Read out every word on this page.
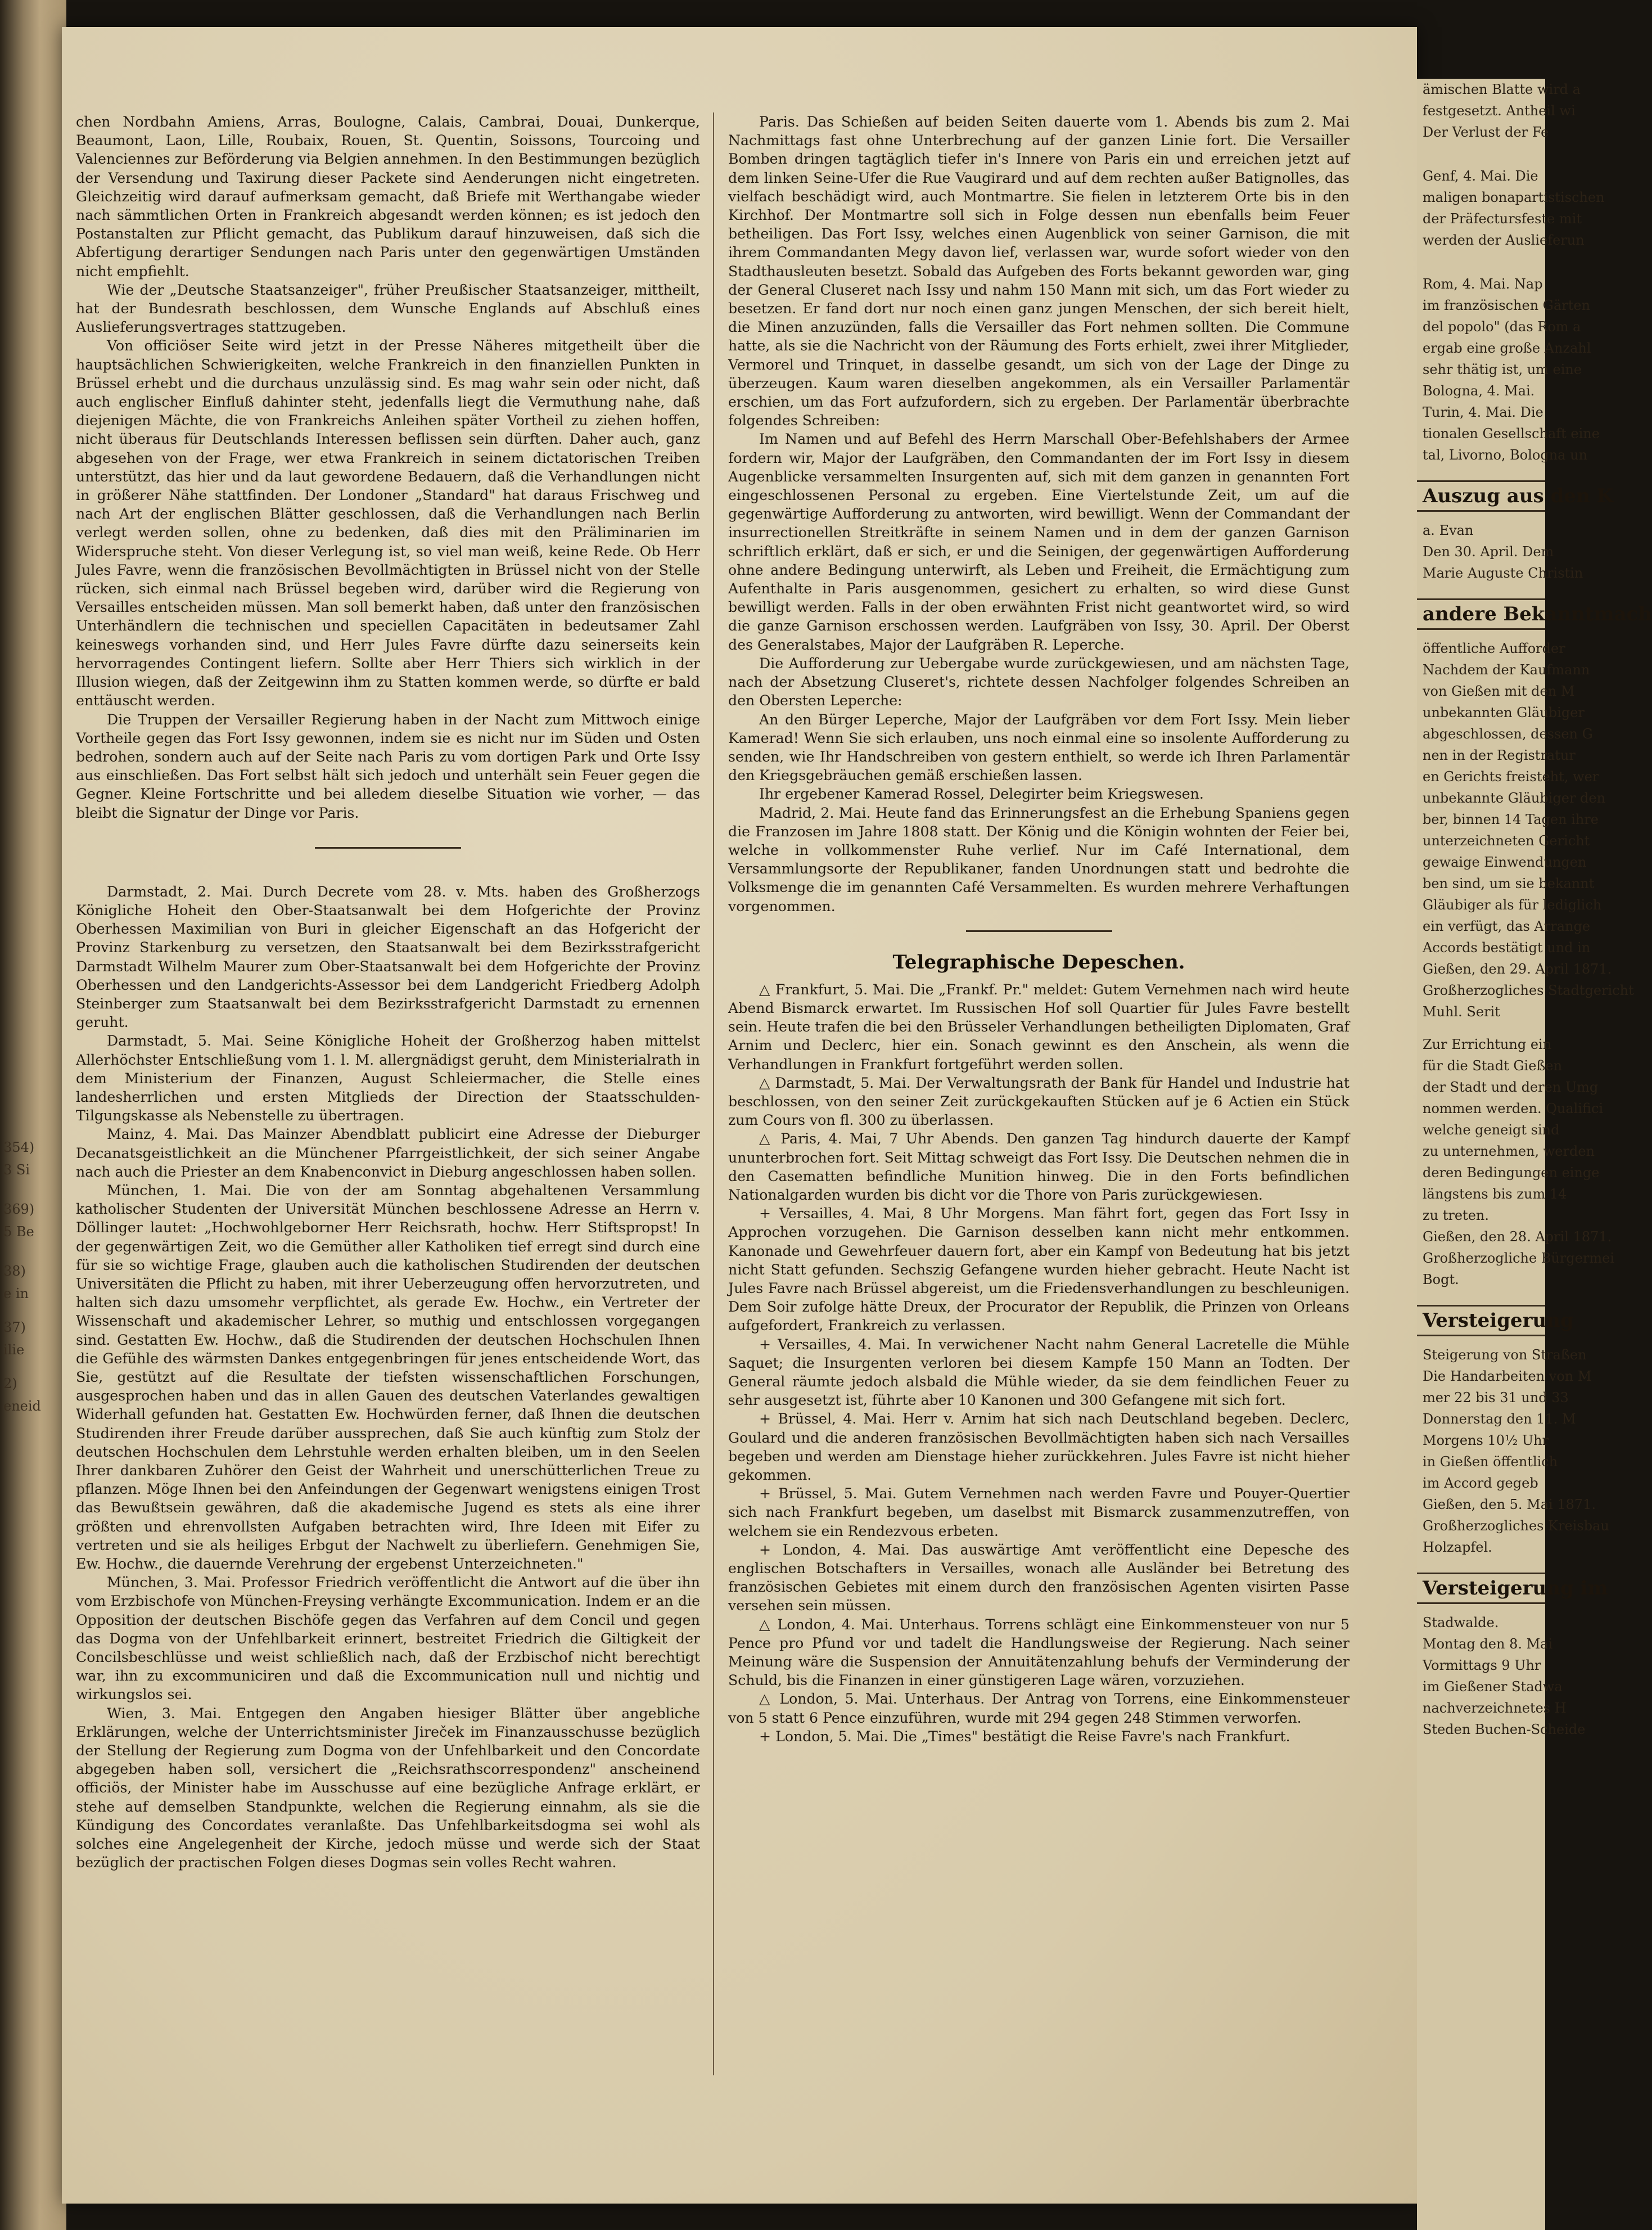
354)

3 Si

369)

5 Be

38)

e in

37)

ilie

2)

eneid

chen Nordbahn Amiens, Arras, Boulogne, Calais, Cambrai, Douai, Dunkerque, Beaumont, Laon, Lille, Roubaix, Rouen, St. Quentin, Soissons, Tourcoing und Valenciennes zur Beförderung via Belgien annehmen. In den Bestimmungen bezüglich der Versendung und Taxirung dieser Packete sind Aenderungen nicht eingetreten. Gleichzeitig wird darauf aufmerksam gemacht, daß Briefe mit Werthangabe wieder nach sämmtlichen Orten in Frankreich abgesandt werden können; es ist jedoch den Postanstalten zur Pflicht gemacht, das Publikum darauf hinzuweisen, daß sich die Abfertigung derartiger Sendungen nach Paris unter den gegenwärtigen Umständen nicht empfiehlt.

Wie der „Deutsche Staatsanzeiger", früher Preußischer Staatsanzeiger, mittheilt, hat der Bundesrath beschlossen, dem Wunsche Englands auf Abschluß eines Auslieferungsvertrages stattzugeben.

Von officiöser Seite wird jetzt in der Presse Näheres mitgetheilt über die hauptsächlichen Schwierigkeiten, welche Frankreich in den finanziellen Punkten in Brüssel erhebt und die durchaus unzulässig sind. Es mag wahr sein oder nicht, daß auch englischer Einfluß dahinter steht, jedenfalls liegt die Vermuthung nahe, daß diejenigen Mächte, die von Frankreichs Anleihen später Vortheil zu ziehen hoffen, nicht überaus für Deutschlands Interessen beflissen sein dürften. Daher auch, ganz abgesehen von der Frage, wer etwa Frankreich in seinem dictatorischen Treiben unterstützt, das hier und da laut gewordene Bedauern, daß die Verhandlungen nicht in größerer Nähe stattfinden. Der Londoner „Standard" hat daraus Frischweg und nach Art der englischen Blätter geschlossen, daß die Verhandlungen nach Berlin verlegt werden sollen, ohne zu bedenken, daß dies mit den Präliminarien im Widerspruche steht. Von dieser Verlegung ist, so viel man weiß, keine Rede. Ob Herr Jules Favre, wenn die französischen Bevollmächtigten in Brüssel nicht von der Stelle rücken, sich einmal nach Brüssel begeben wird, darüber wird die Regierung von Versailles entscheiden müssen. Man soll bemerkt haben, daß unter den französischen Unterhändlern die technischen und speciellen Capacitäten in bedeutsamer Zahl keineswegs vorhanden sind, und Herr Jules Favre dürfte dazu seinerseits kein hervorragendes Contingent liefern. Sollte aber Herr Thiers sich wirklich in der Illusion wiegen, daß der Zeitgewinn ihm zu Statten kommen werde, so dürfte er bald enttäuscht werden.

Die Truppen der Versailler Regierung haben in der Nacht zum Mittwoch einige Vortheile gegen das Fort Issy gewonnen, indem sie es nicht nur im Süden und Osten bedrohen, sondern auch auf der Seite nach Paris zu vom dortigen Park und Orte Issy aus einschließen. Das Fort selbst hält sich jedoch und unterhält sein Feuer gegen die Gegner. Kleine Fortschritte und bei alledem dieselbe Situation wie vorher, — das bleibt die Signatur der Dinge vor Paris.

Darmstadt, 2. Mai. Durch Decrete vom 28. v. Mts. haben des Großherzogs Königliche Hoheit den Ober-Staatsanwalt bei dem Hofgerichte der Provinz Oberhessen Maximilian von Buri in gleicher Eigenschaft an das Hofgericht der Provinz Starkenburg zu versetzen, den Staatsanwalt bei dem Bezirksstrafgericht Darmstadt Wilhelm Maurer zum Ober-Staatsanwalt bei dem Hofgerichte der Provinz Oberhessen und den Landgerichts-Assessor bei dem Landgericht Friedberg Adolph Steinberger zum Staatsanwalt bei dem Bezirksstrafgericht Darmstadt zu ernennen geruht.

Darmstadt, 5. Mai. Seine Königliche Hoheit der Großherzog haben mittelst Allerhöchster Entschließung vom 1. l. M. allergnädigst geruht, dem Ministerialrath in dem Ministerium der Finanzen, August Schleiermacher, die Stelle eines landesherrlichen und ersten Mitglieds der Direction der Staatsschulden-Tilgungskasse als Nebenstelle zu übertragen.

Mainz, 4. Mai. Das Mainzer Abendblatt publicirt eine Adresse der Dieburger Decanatsgeistlichkeit an die Münchener Pfarrgeistlichkeit, der sich seiner Angabe nach auch die Priester an dem Knabenconvict in Dieburg angeschlossen haben sollen.

München, 1. Mai. Die von der am Sonntag abgehaltenen Versammlung katholischer Studenten der Universität München beschlossene Adresse an Herrn v. Döllinger lautet: „Hochwohlgeborner Herr Reichsrath, hochw. Herr Stiftspropst! In der gegenwärtigen Zeit, wo die Gemüther aller Katholiken tief erregt sind durch eine für sie so wichtige Frage, glauben auch die katholischen Studirenden der deutschen Universitäten die Pflicht zu haben, mit ihrer Ueberzeugung offen hervorzutreten, und halten sich dazu umsomehr verpflichtet, als gerade Ew. Hochw., ein Vertreter der Wissenschaft und akademischer Lehrer, so muthig und entschlossen vorgegangen sind. Gestatten Ew. Hochw., daß die Studirenden der deutschen Hochschulen Ihnen die Gefühle des wärmsten Dankes entgegenbringen für jenes entscheidende Wort, das Sie, gestützt auf die Resultate der tiefsten wissenschaftlichen Forschungen, ausgesprochen haben und das in allen Gauen des deutschen Vaterlandes gewaltigen Widerhall gefunden hat. Gestatten Ew. Hochwürden ferner, daß Ihnen die deutschen Studirenden ihrer Freude darüber aussprechen, daß Sie auch künftig zum Stolz der deutschen Hochschulen dem Lehrstuhle werden erhalten bleiben, um in den Seelen Ihrer dankbaren Zuhörer den Geist der Wahrheit und unerschütterlichen Treue zu pflanzen. Möge Ihnen bei den Anfeindungen der Gegenwart wenigstens einigen Trost das Bewußtsein gewähren, daß die akademische Jugend es stets als eine ihrer größten und ehrenvollsten Aufgaben betrachten wird, Ihre Ideen mit Eifer zu vertreten und sie als heiliges Erbgut der Nachwelt zu überliefern. Genehmigen Sie, Ew. Hochw., die dauernde Verehrung der ergebenst Unterzeichneten."

München, 3. Mai. Professor Friedrich veröffentlicht die Antwort auf die über ihn vom Erzbischofe von München-Freysing verhängte Excommunication. Indem er an die Opposition der deutschen Bischöfe gegen das Verfahren auf dem Concil und gegen das Dogma von der Unfehlbarkeit erinnert, bestreitet Friedrich die Giltigkeit der Concilsbeschlüsse und weist schließlich nach, daß der Erzbischof nicht berechtigt war, ihn zu excommuniciren und daß die Excommunication null und nichtig und wirkungslos sei.

Wien, 3. Mai. Entgegen den Angaben hiesiger Blätter über angebliche Erklärungen, welche der Unterrichtsminister Jireček im Finanzausschusse bezüglich der Stellung der Regierung zum Dogma von der Unfehlbarkeit und den Concordate abgegeben haben soll, versichert die „Reichsrathscorrespondenz" anscheinend officiös, der Minister habe im Ausschusse auf eine bezügliche Anfrage erklärt, er stehe auf demselben Standpunkte, welchen die Regierung einnahm, als sie die Kündigung des Concordates veranlaßte. Das Unfehlbarkeitsdogma sei wohl als solches eine Angelegenheit der Kirche, jedoch müsse und werde sich der Staat bezüglich der practischen Folgen dieses Dogmas sein volles Recht wahren.

Paris. Das Schießen auf beiden Seiten dauerte vom 1. Abends bis zum 2. Mai Nachmittags fast ohne Unterbrechung auf der ganzen Linie fort. Die Versailler Bomben dringen tagtäglich tiefer in's Innere von Paris ein und erreichen jetzt auf dem linken Seine-Ufer die Rue Vaugirard und auf dem rechten außer Batignolles, das vielfach beschädigt wird, auch Montmartre. Sie fielen in letzterem Orte bis in den Kirchhof. Der Montmartre soll sich in Folge dessen nun ebenfalls beim Feuer betheiligen. Das Fort Issy, welches einen Augenblick von seiner Garnison, die mit ihrem Commandanten Megy davon lief, verlassen war, wurde sofort wieder von den Stadthausleuten besetzt. Sobald das Aufgeben des Forts bekannt geworden war, ging der General Cluseret nach Issy und nahm 150 Mann mit sich, um das Fort wieder zu besetzen. Er fand dort nur noch einen ganz jungen Menschen, der sich bereit hielt, die Minen anzuzünden, falls die Versailler das Fort nehmen sollten. Die Commune hatte, als sie die Nachricht von der Räumung des Forts erhielt, zwei ihrer Mitglieder, Vermorel und Trinquet, in dasselbe gesandt, um sich von der Lage der Dinge zu überzeugen. Kaum waren dieselben angekommen, als ein Versailler Parlamentär erschien, um das Fort aufzufordern, sich zu ergeben. Der Parlamentär überbrachte folgendes Schreiben:

Im Namen und auf Befehl des Herrn Marschall Ober-Befehlshabers der Armee fordern wir, Major der Laufgräben, den Commandanten der im Fort Issy in diesem Augenblicke versammelten Insurgenten auf, sich mit dem ganzen in genannten Fort eingeschlossenen Personal zu ergeben. Eine Viertelstunde Zeit, um auf die gegenwärtige Aufforderung zu antworten, wird bewilligt. Wenn der Commandant der insurrectionellen Streitkräfte in seinem Namen und in dem der ganzen Garnison schriftlich erklärt, daß er sich, er und die Seinigen, der gegenwärtigen Aufforderung ohne andere Bedingung unterwirft, als Leben und Freiheit, die Ermächtigung zum Aufenthalte in Paris ausgenommen, gesichert zu erhalten, so wird diese Gunst bewilligt werden. Falls in der oben erwähnten Frist nicht geantwortet wird, so wird die ganze Garnison erschossen werden. Laufgräben von Issy, 30. April. Der Oberst des Generalstabes, Major der Laufgräben R. Leperche.

Die Aufforderung zur Uebergabe wurde zurückgewiesen, und am nächsten Tage, nach der Absetzung Cluseret's, richtete dessen Nachfolger folgendes Schreiben an den Obersten Leperche:

An den Bürger Leperche, Major der Laufgräben vor dem Fort Issy. Mein lieber Kamerad! Wenn Sie sich erlauben, uns noch einmal eine so insolente Aufforderung zu senden, wie Ihr Handschreiben von gestern enthielt, so werde ich Ihren Parlamentär den Kriegsgebräuchen gemäß erschießen lassen.

Ihr ergebener Kamerad Rossel, Delegirter beim Kriegswesen.

Madrid, 2. Mai. Heute fand das Erinnerungsfest an die Erhebung Spaniens gegen die Franzosen im Jahre 1808 statt. Der König und die Königin wohnten der Feier bei, welche in vollkommenster Ruhe verlief. Nur im Café International, dem Versammlungsorte der Republikaner, fanden Unordnungen statt und bedrohte die Volksmenge die im genannten Café Versammelten. Es wurden mehrere Verhaftungen vorgenommen.

Telegraphische Depeschen.

△ Frankfurt, 5. Mai. Die „Frankf. Pr." meldet: Gutem Vernehmen nach wird heute Abend Bismarck erwartet. Im Russischen Hof soll Quartier für Jules Favre bestellt sein. Heute trafen die bei den Brüsseler Verhandlungen betheiligten Diplomaten, Graf Arnim und Declerc, hier ein. Sonach gewinnt es den Anschein, als wenn die Verhandlungen in Frankfurt fortgeführt werden sollen.

△ Darmstadt, 5. Mai. Der Verwaltungsrath der Bank für Handel und Industrie hat beschlossen, von den seiner Zeit zurückgekauften Stücken auf je 6 Actien ein Stück zum Cours von fl. 300 zu überlassen.

△ Paris, 4. Mai, 7 Uhr Abends. Den ganzen Tag hindurch dauerte der Kampf ununterbrochen fort. Seit Mittag schweigt das Fort Issy. Die Deutschen nehmen die in den Casematten befindliche Munition hinweg. Die in den Forts befindlichen Nationalgarden wurden bis dicht vor die Thore von Paris zurückgewiesen.

+ Versailles, 4. Mai, 8 Uhr Morgens. Man fährt fort, gegen das Fort Issy in Approchen vorzugehen. Die Garnison desselben kann nicht mehr entkommen. Kanonade und Gewehrfeuer dauern fort, aber ein Kampf von Bedeutung hat bis jetzt nicht Statt gefunden. Sechszig Gefangene wurden hieher gebracht. Heute Nacht ist Jules Favre nach Brüssel abgereist, um die Friedensverhandlungen zu beschleunigen. Dem Soir zufolge hätte Dreux, der Procurator der Republik, die Prinzen von Orleans aufgefordert, Frankreich zu verlassen.

+ Versailles, 4. Mai. In verwichener Nacht nahm General Lacretelle die Mühle Saquet; die Insurgenten verloren bei diesem Kampfe 150 Mann an Todten. Der General räumte jedoch alsbald die Mühle wieder, da sie dem feindlichen Feuer zu sehr ausgesetzt ist, führte aber 10 Kanonen und 300 Gefangene mit sich fort.

+ Brüssel, 4. Mai. Herr v. Arnim hat sich nach Deutschland begeben. Declerc, Goulard und die anderen französischen Bevollmächtigten haben sich nach Versailles begeben und werden am Dienstage hieher zurückkehren. Jules Favre ist nicht hieher gekommen.

+ Brüssel, 5. Mai. Gutem Vernehmen nach werden Favre und Pouyer-Quertier sich nach Frankfurt begeben, um daselbst mit Bismarck zusammenzutreffen, von welchem sie ein Rendezvous erbeten.

+ London, 4. Mai. Das auswärtige Amt veröffentlicht eine Depesche des englischen Botschafters in Versailles, wonach alle Ausländer bei Betretung des französischen Gebietes mit einem durch den französischen Agenten visirten Passe versehen sein müssen.

△ London, 4. Mai. Unterhaus. Torrens schlägt eine Einkommensteuer von nur 5 Pence pro Pfund vor und tadelt die Handlungsweise der Regierung. Nach seiner Meinung wäre die Suspension der Annuitätenzahlung behufs der Verminderung der Schuld, bis die Finanzen in einer günstigeren Lage wären, vorzuziehen.

△ London, 5. Mai. Unterhaus. Der Antrag von Torrens, eine Einkommensteuer von 5 statt 6 Pence einzuführen, wurde mit 294 gegen 248 Stimmen verworfen.

+ London, 5. Mai. Die „Times" bestätigt die Reise Favre's nach Frankfurt.

ämischen Blatte wird a

festgesetzt. Antheil wi

Der Verlust der Fe

Genf, 4. Mai. Die

maligen bonapartistischen

der Präfectursfeste mit

werden der Auslieferun

Rom, 4. Mai. Nap

im französischen Gärten

del popolo" (das Rom a

ergab eine große Anzahl

sehr thätig ist, um eine

Bologna, 4. Mai.

Turin, 4. Mai. Die

tionalen Gesellschaft eine

tal, Livorno, Bologna un

Auszug aus den K

a. Evan

Den 30. April. Dem

Marie Auguste Christin

andere Bekanntmach

öffentliche Aufforder

Nachdem der Kaufmann

von Gießen mit den M

unbekannten Gläubiger

abgeschlossen, dessen G

nen in der Registratur

en Gerichts freisteht, wer

unbekannte Gläubiger den

ber, binnen 14 Tagen ihre

unterzeichneten Gericht

gewaige Einwendungen

ben sind, um sie bekannt

Gläubiger als für lediglich

ein verfügt, das Arrange

Accords bestätigt und in

Gießen, den 29. April 1871.

Großherzogliches Stadtgericht

Muhl. Serit

Zur Errichtung ein

für die Stadt Gießen

der Stadt und deren Umg

nommen werden. Qualifici

welche geneigt sind

zu unternehmen, werden

deren Bedingungen einge

längstens bis zum 14

zu treten.

Gießen, den 28. April 1871.

Großherzogliche Bürgermei

Bogt.

Versteigerung

Steigerung von Straßen

Die Handarbeiten von M

mer 22 bis 31 und 33

Donnerstag den 11. M

Morgens 10½ Uhr

in Gießen öffentlich

im Accord gegeb

Gießen, den 5. Mai 1871.

Großherzogliches Kreisbau

Holzapfel.

Versteigerung im

Stadwalde.

Montag den 8. Mai

Vormittags 9 Uhr

im Gießener Stadwa

nachverzeichnetes H

Steden Buchen-Scheide
